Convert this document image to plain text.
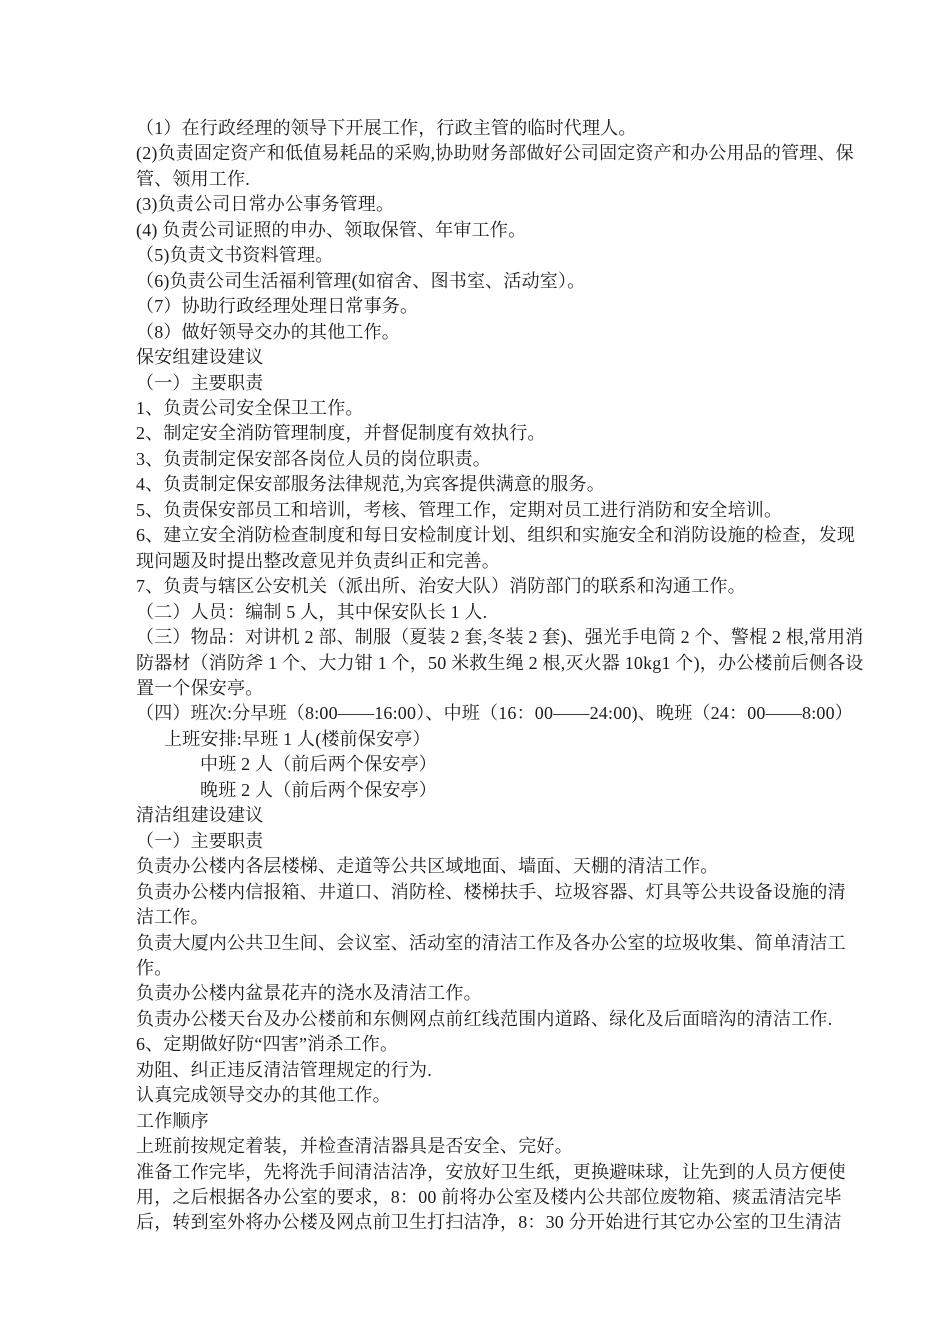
（1）在行政经理的领导下开展工作，行政主管的临时代理人。
(2)负责固定资产和低值易耗品的采购,协助财务部做好公司固定资产和办公用品的管理、保
管、领用工作.
(3)负责公司日常办公事务管理。
(4) 负责公司证照的申办、领取保管、年审工作。
（5)负责文书资料管理。
（6)负责公司生活福利管理(如宿舍、图书室、活动室）。
（7）协助行政经理处理日常事务。
（8）做好领导交办的其他工作。
保安组建设建议
（一）主要职责
1、负责公司安全保卫工作。
2、制定安全消防管理制度，并督促制度有效执行。
3、负责制定保安部各岗位人员的岗位职责。
4、负责制定保安部服务法律规范,为宾客提供满意的服务。
5、负责保安部员工和培训，考核、管理工作，定期对员工进行消防和安全培训。
6、建立安全消防检查制度和每日安检制度计划、组织和实施安全和消防设施的检查，发现
现问题及时提出整改意见并负责纠正和完善。
7、负责与辖区公安机关（派出所、治安大队）消防部门的联系和沟通工作。
（二）人员：编制 5 人，其中保安队长 1 人.
（三）物品：对讲机 2 部、制服（夏装 2 套,冬装 2 套)、强光手电筒 2 个、警棍 2 根,常用消
防器材（消防斧 1 个、大力钳 1 个，50 米救生绳 2 根,灭火器 10kg1 个)，办公楼前后侧各设
置一个保安亭。
（四）班次:分早班（8:00——16:00）、中班（16：00——24:00)、晚班（24：00——8:00）
上班安排:早班 1 人(楼前保安亭）
中班 2 人（前后两个保安亭）
晚班 2 人（前后两个保安亭）
清洁组建设建议
（一）主要职责
负责办公楼内各层楼梯、走道等公共区域地面、墙面、天棚的清洁工作。
负责办公楼内信报箱、井道口、消防栓、楼梯扶手、垃圾容器、灯具等公共设备设施的清
洁工作。
负责大厦内公共卫生间、会议室、活动室的清洁工作及各办公室的垃圾收集、简单清洁工
作。
负责办公楼内盆景花卉的浇水及清洁工作。
负责办公楼天台及办公楼前和东侧网点前红线范围内道路、绿化及后面暗沟的清洁工作.
6、定期做好防“四害”消杀工作。
劝阻、纠正违反清洁管理规定的行为.
认真完成领导交办的其他工作。
工作顺序
上班前按规定着装，并检查清洁器具是否安全、完好。
准备工作完毕，先将洗手间清洁洁净，安放好卫生纸，更换避味球，让先到的人员方便使
用，之后根据各办公室的要求，8：00 前将办公室及楼内公共部位废物箱、痰盂清洁完毕
后，转到室外将办公楼及网点前卫生打扫洁净，8：30 分开始进行其它办公室的卫生清洁
